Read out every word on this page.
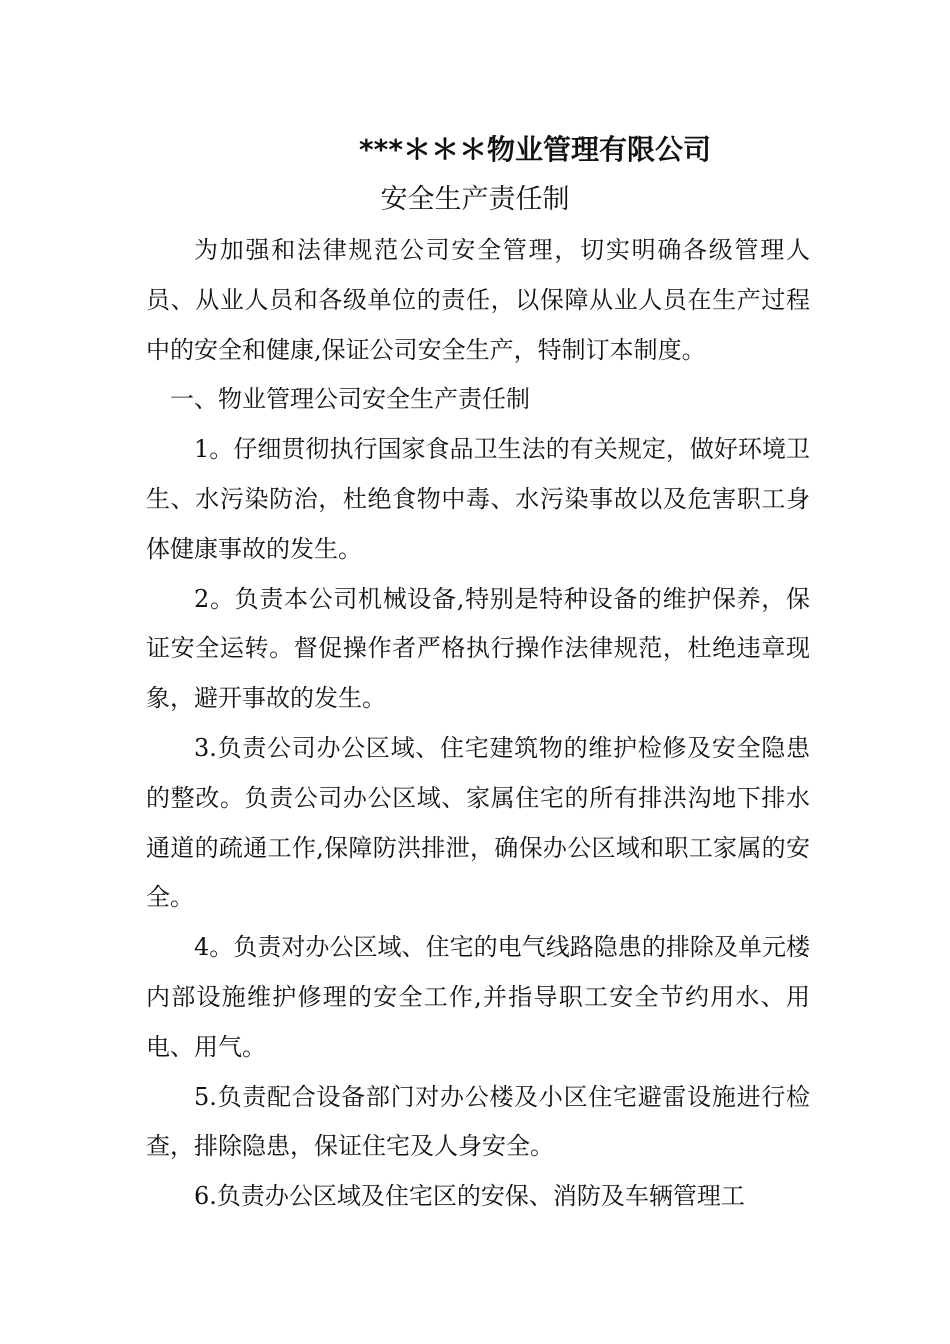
***＊＊＊物业管理有限公司
安全生产责任制

为加强和法律规范公司安全管理，切实明确各级管理人员、从业人员和各级单位的责任，以保障从业人员在生产过程中的安全和健康,保证公司安全生产，特制订本制度。

一、物业管理公司安全生产责任制

1。仔细贯彻执行国家食品卫生法的有关规定，做好环境卫生、水污染防治，杜绝食物中毒、水污染事故以及危害职工身体健康事故的发生。

2。负责本公司机械设备,特别是特种设备的维护保养，保证安全运转。督促操作者严格执行操作法律规范，杜绝违章现象，避开事故的发生。

3.负责公司办公区域、住宅建筑物的维护检修及安全隐患的整改。负责公司办公区域、家属住宅的所有排洪沟地下排水通道的疏通工作,保障防洪排泄，确保办公区域和职工家属的安全。

4。负责对办公区域、住宅的电气线路隐患的排除及单元楼内部设施维护修理的安全工作,并指导职工安全节约用水、用电、用气。

5.负责配合设备部门对办公楼及小区住宅避雷设施进行检查，排除隐患，保证住宅及人身安全。

6.负责办公区域及住宅区的安保、消防及车辆管理工
